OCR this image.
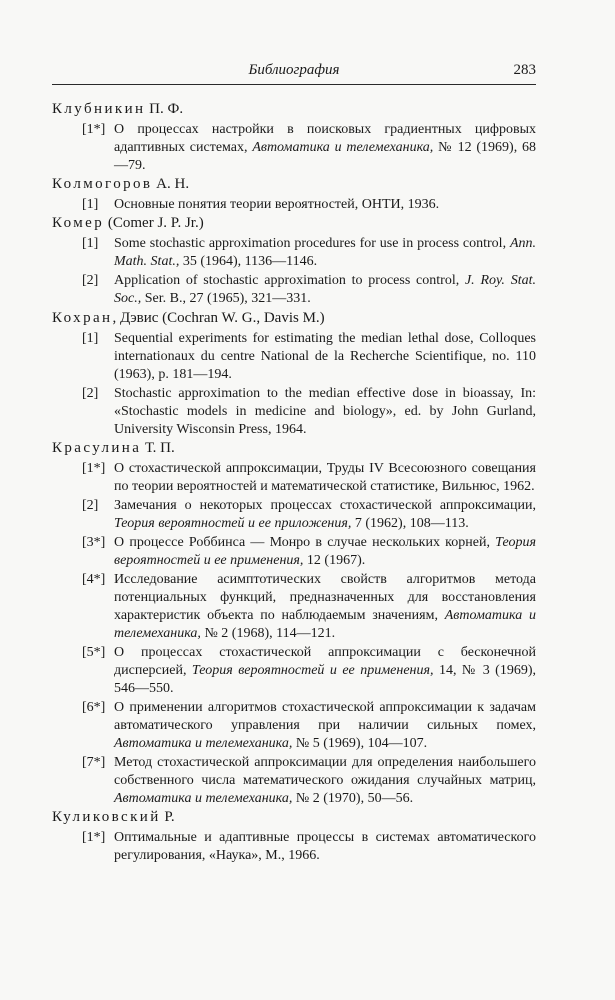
Библиография	283
Клубникин П. Ф.
[1*] О процессах настройки в поисковых градиентных цифровых адаптивных системах, Автоматика и телемеханика, № 12 (1969), 68—79.
Колмогоров А. Н.
[1]	Основные понятия теории вероятностей, ОНТИ, 1936.
Комер (Comer J. P. Jr.)
[1]	Some stochastic approximation procedures for use in process control, Ann. Math. Stat., 35 (1964), 1136—1146.
[2]	Application of stochastic approximation to process control, J. Roy. Stat. Soc., Ser. B., 27 (1965), 321—331.
Кохран, Дэвис (Cochran W. G., Davis M.)
[1]	Sequential experiments for estimating the median lethal dose, Colloques internationaux du centre National de la Recherche Scientifique, no. 110 (1963), p. 181—194.
[2]	Stochastic approximation to the median effective dose in bioassay, In: «Stochastic models in medicine and biology», ed. by John Gurland, University Wisconsin Press, 1964.
Красулина Т. П.
[1*] О стохастической аппроксимации, Труды IV Всесоюзного совещания по теории вероятностей и математической статистике, Вильнюс, 1962.
[2]	Замечания о некоторых процессах стохастической аппроксимации, Теория вероятностей и ее приложения, 7 (1962), 108—113.
[3*] О процессе Роббинса — Монро в случае нескольких корней, Теория вероятностей и ее применения, 12 (1967).
[4*] Исследование асимптотических свойств алгоритмов метода потенциальных функций, предназначенных для восстановления характеристик объекта по наблюдаемым значениям, Автоматика и телемеханика, № 2 (1968), 114—121.
[5*] О процессах стохастической аппроксимации с бесконечной дисперсией, Теория вероятностей и ее применения, 14, № 3 (1969), 546—550.
[6*] О применении алгоритмов стохастической аппроксимации к задачам автоматического управления при наличии сильных помех, Автоматика и телемеханика, № 5 (1969), 104—107.
[7*] Метод стохастической аппроксимации для определения наибольшего собственного числа математического ожидания случайных матриц, Автоматика и телемеханика, № 2 (1970), 50—56.
Куликовский Р.
[1*] Оптимальные и адаптивные процессы в системах автоматического регулирования, «Наука», М., 1966.
